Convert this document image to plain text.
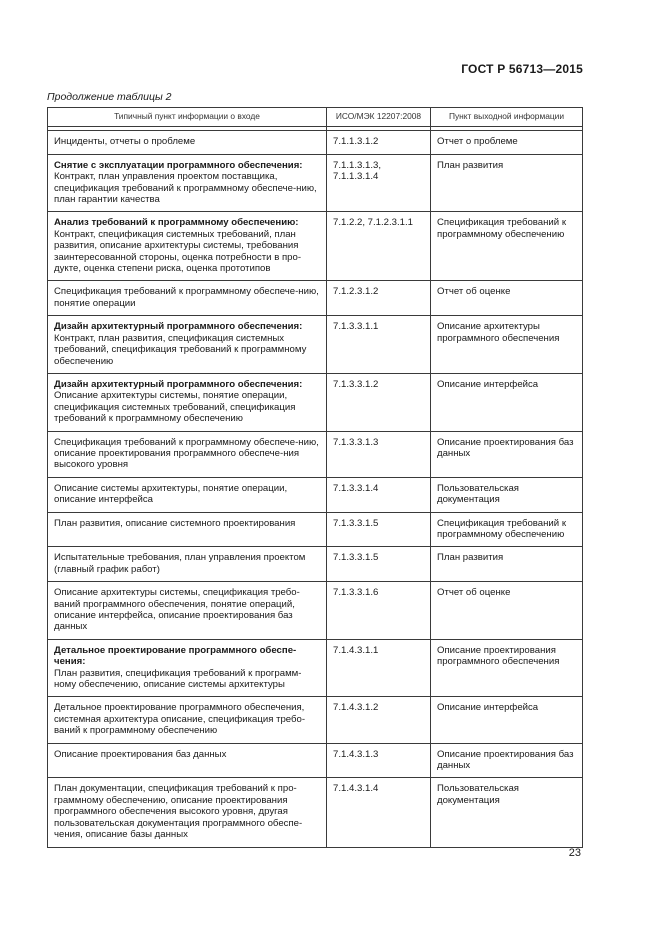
ГОСТ Р 56713—2015
Продолжение таблицы 2
Типичный пункт информации о входе	ИСО/МЭК 12207:2008	Пункт выходной информации

Инциденты, отчеты о проблеме	7.1.1.3.1.2	Отчет о проблеме

Снятие с эксплуатации программного обеспечения:
Контракт, план управления проектом поставщика, спецификация требований к программному обеспече-нию, план гарантии качества	7.1.1.3.1.3, 7.1.1.3.1.4	План развития

Анализ требований к программному обеспечению:
Контракт, спецификация системных требований, план развития, описание архитектуры системы, требования заинтересованной стороны, оценка потребности в про-дукте, оценка степени риска, оценка прототипов	7.1.2.2, 7.1.2.3.1.1	Спецификация требований к программному обеспечению

Спецификация требований к программному обеспече-нию, понятие операции	7.1.2.3.1.2	Отчет об оценке

Дизайн архитектурный программного обеспечения:
Контракт, план развития, спецификация системных требований, спецификация требований к программному обеспечению	7.1.3.3.1.1	Описание архитектуры программного обеспечения

Дизайн архитектурный программного обеспечения:
Описание архитектуры системы, понятие операции, спецификация системных требований, спецификация требований к программному обеспечению	7.1.3.3.1.2	Описание интерфейса

Спецификация требований к программному обеспече-нию, описание проектирования программного обеспече-ния высокого уровня	7.1.3.3.1.3	Описание проектирования баз данных

Описание системы архитектуры, понятие операции, описание интерфейса	7.1.3.3.1.4	Пользовательская документация

План развития, описание системного проектирования	7.1.3.3.1.5	Спецификация требований к программному обеспечению

Испытательные требования, план управления проектом (главный график работ)	7.1.3.3.1.5	План развития

Описание архитектуры системы, спецификация требо-ваний программного обеспечения, понятие операций, описание интерфейса, описание проектирования баз данных	7.1.3.3.1.6	Отчет об оценке

Детальное проектирование программного обеспе-чения:
План развития, спецификация требований к программ-ному обеспечению, описание системы архитектуры	7.1.4.3.1.1	Описание проектирования программного обеспечения

Детальное проектирование программного обеспечения, системная архитектура описание, спецификация требо-ваний к программному обеспечению	7.1.4.3.1.2	Описание интерфейса

Описание проектирования баз данных	7.1.4.3.1.3	Описание проектирования баз данных

План документации, спецификация требований к про-граммному обеспечению, описание проектирования программного обеспечения высокого уровня, другая пользовательская документация программного обеспе-чения, описание базы данных	7.1.4.3.1.4	Пользовательская документация
23
